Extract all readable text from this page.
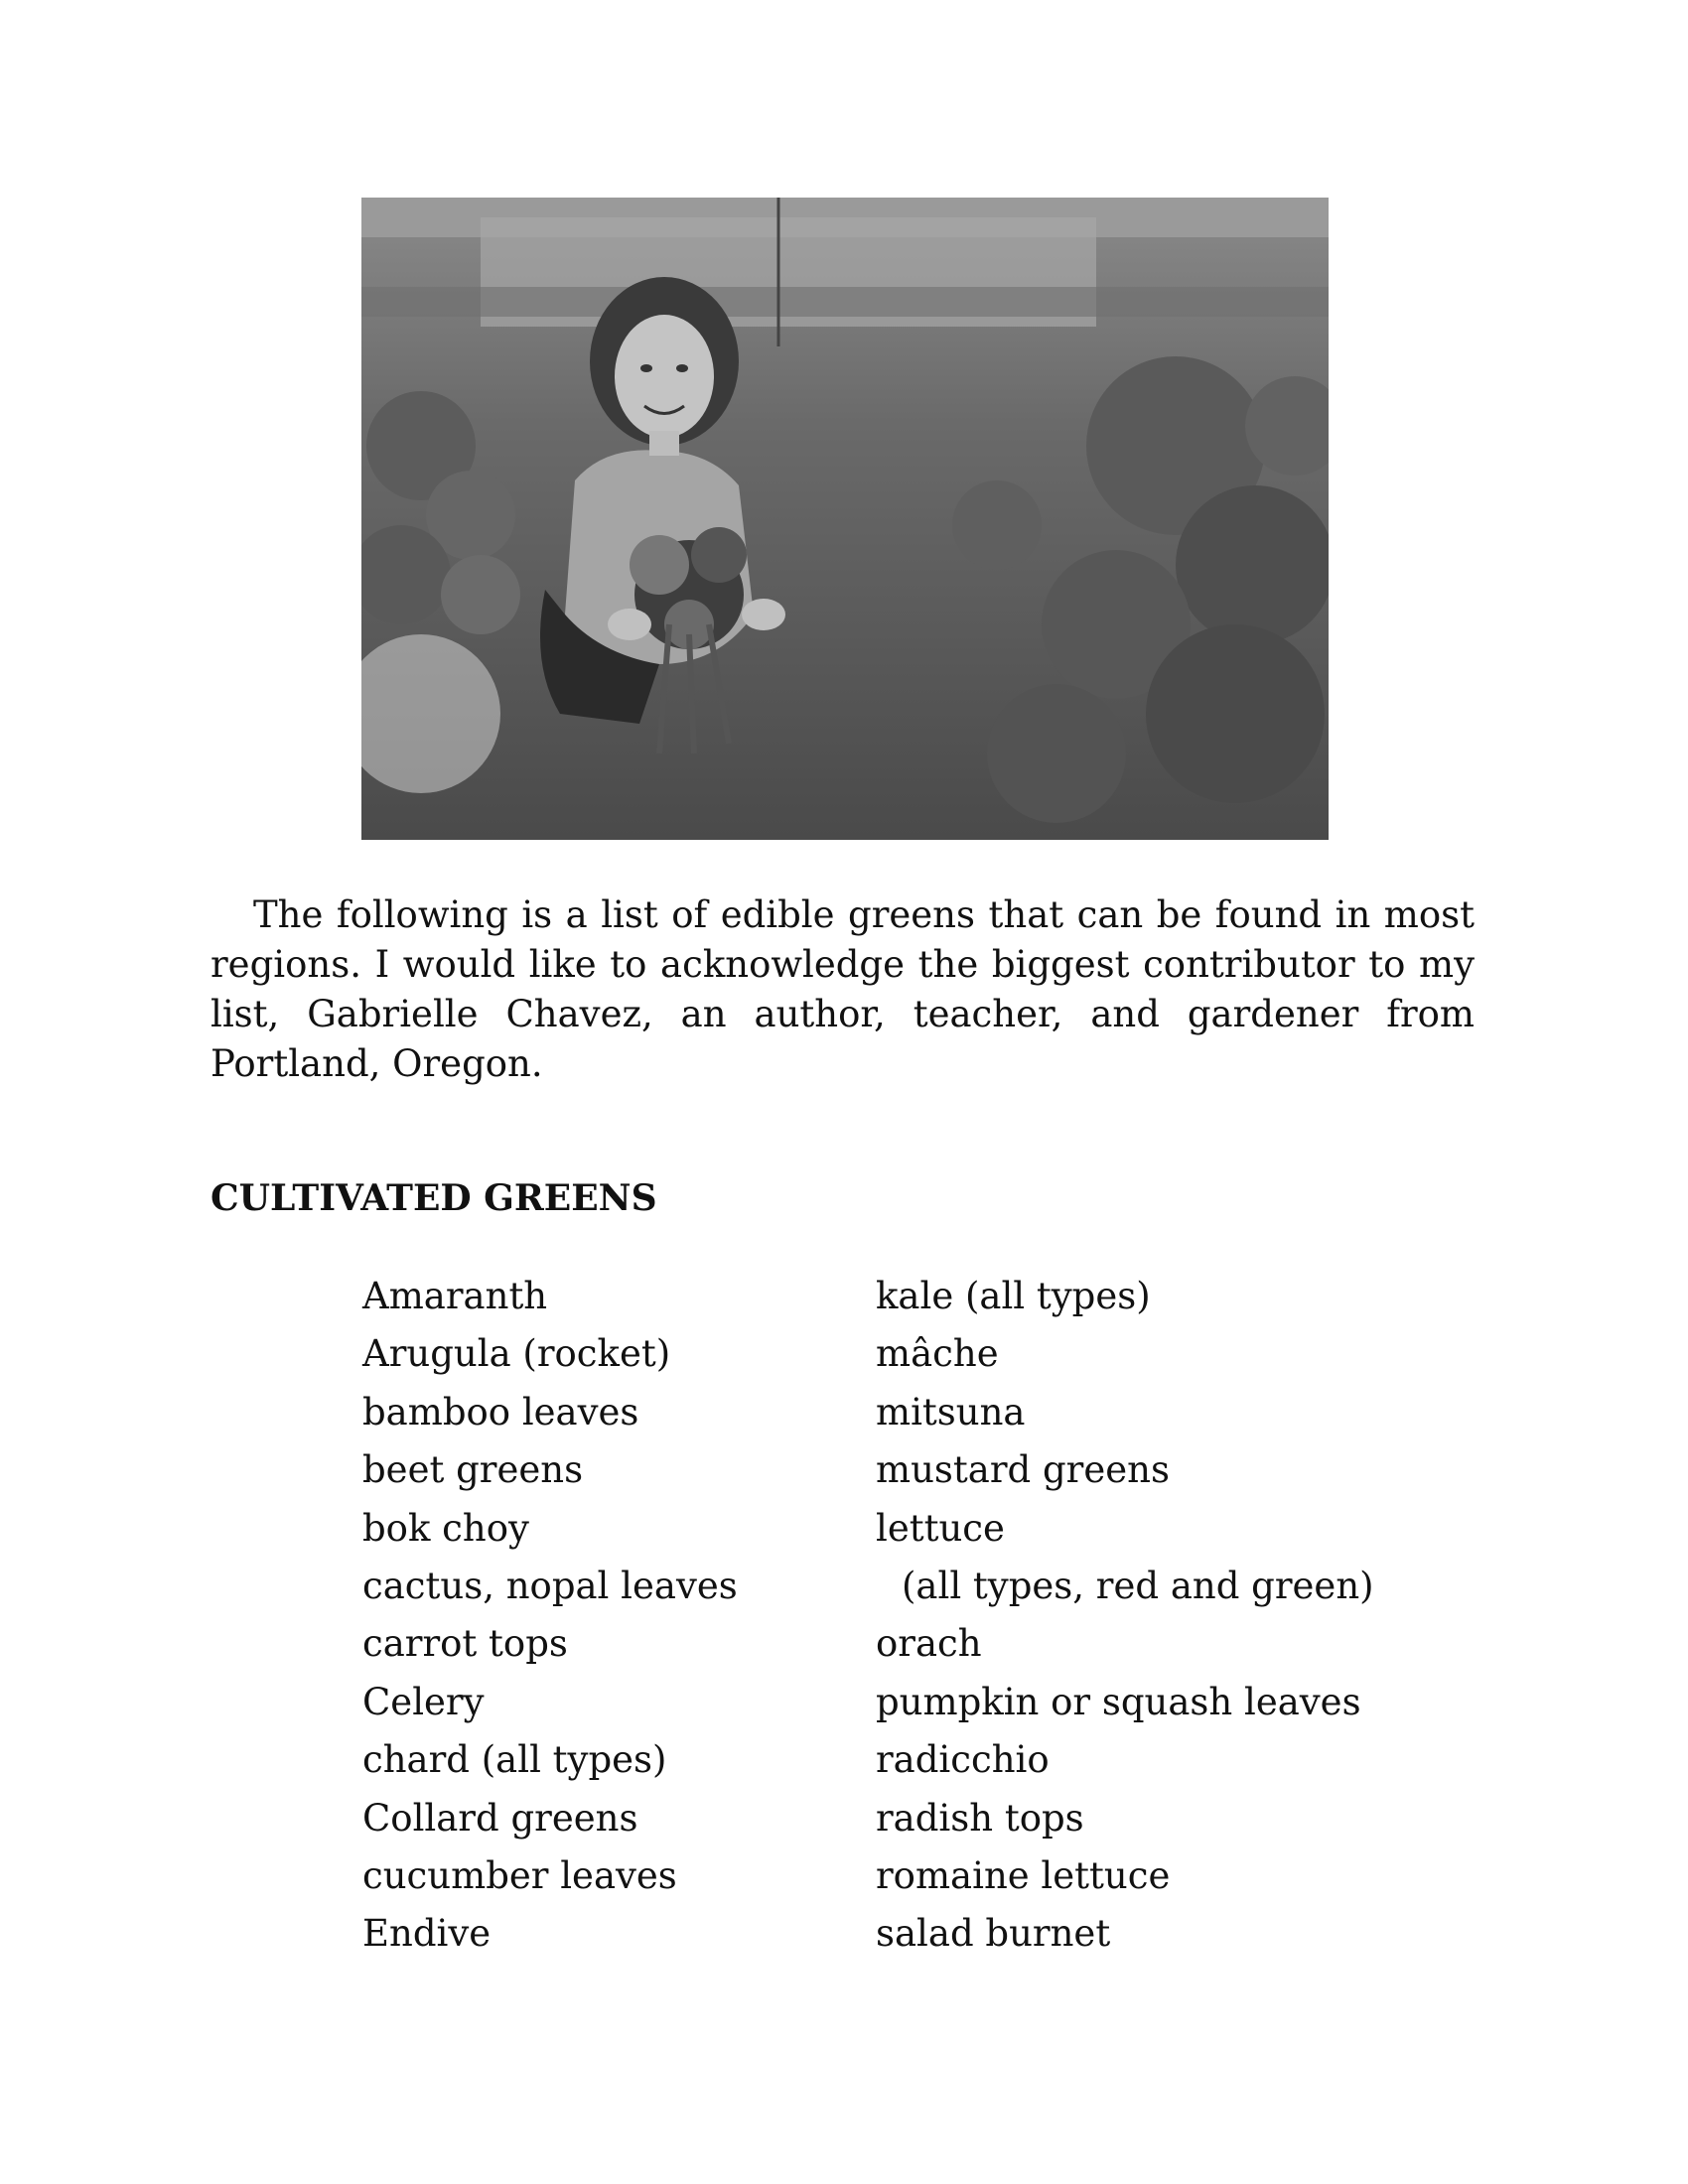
The following is a list of edible greens that can be found in most regions. I would like to acknowledge the biggest contributor to my list, Gabrielle Chavez, an author, teacher, and gardener from Portland, Oregon.

CULTIVATED GREENS
Amaranth
Arugula (rocket)
bamboo leaves
beet greens
bok choy
cactus, nopal leaves
carrot tops
Celery
chard (all types)
Collard greens
cucumber leaves
Endive
kale (all types)
mâche
mitsuna
mustard greens
lettuce
(all types, red and green)
orach
pumpkin or squash leaves
radicchio
radish tops
romaine lettuce
salad burnet
